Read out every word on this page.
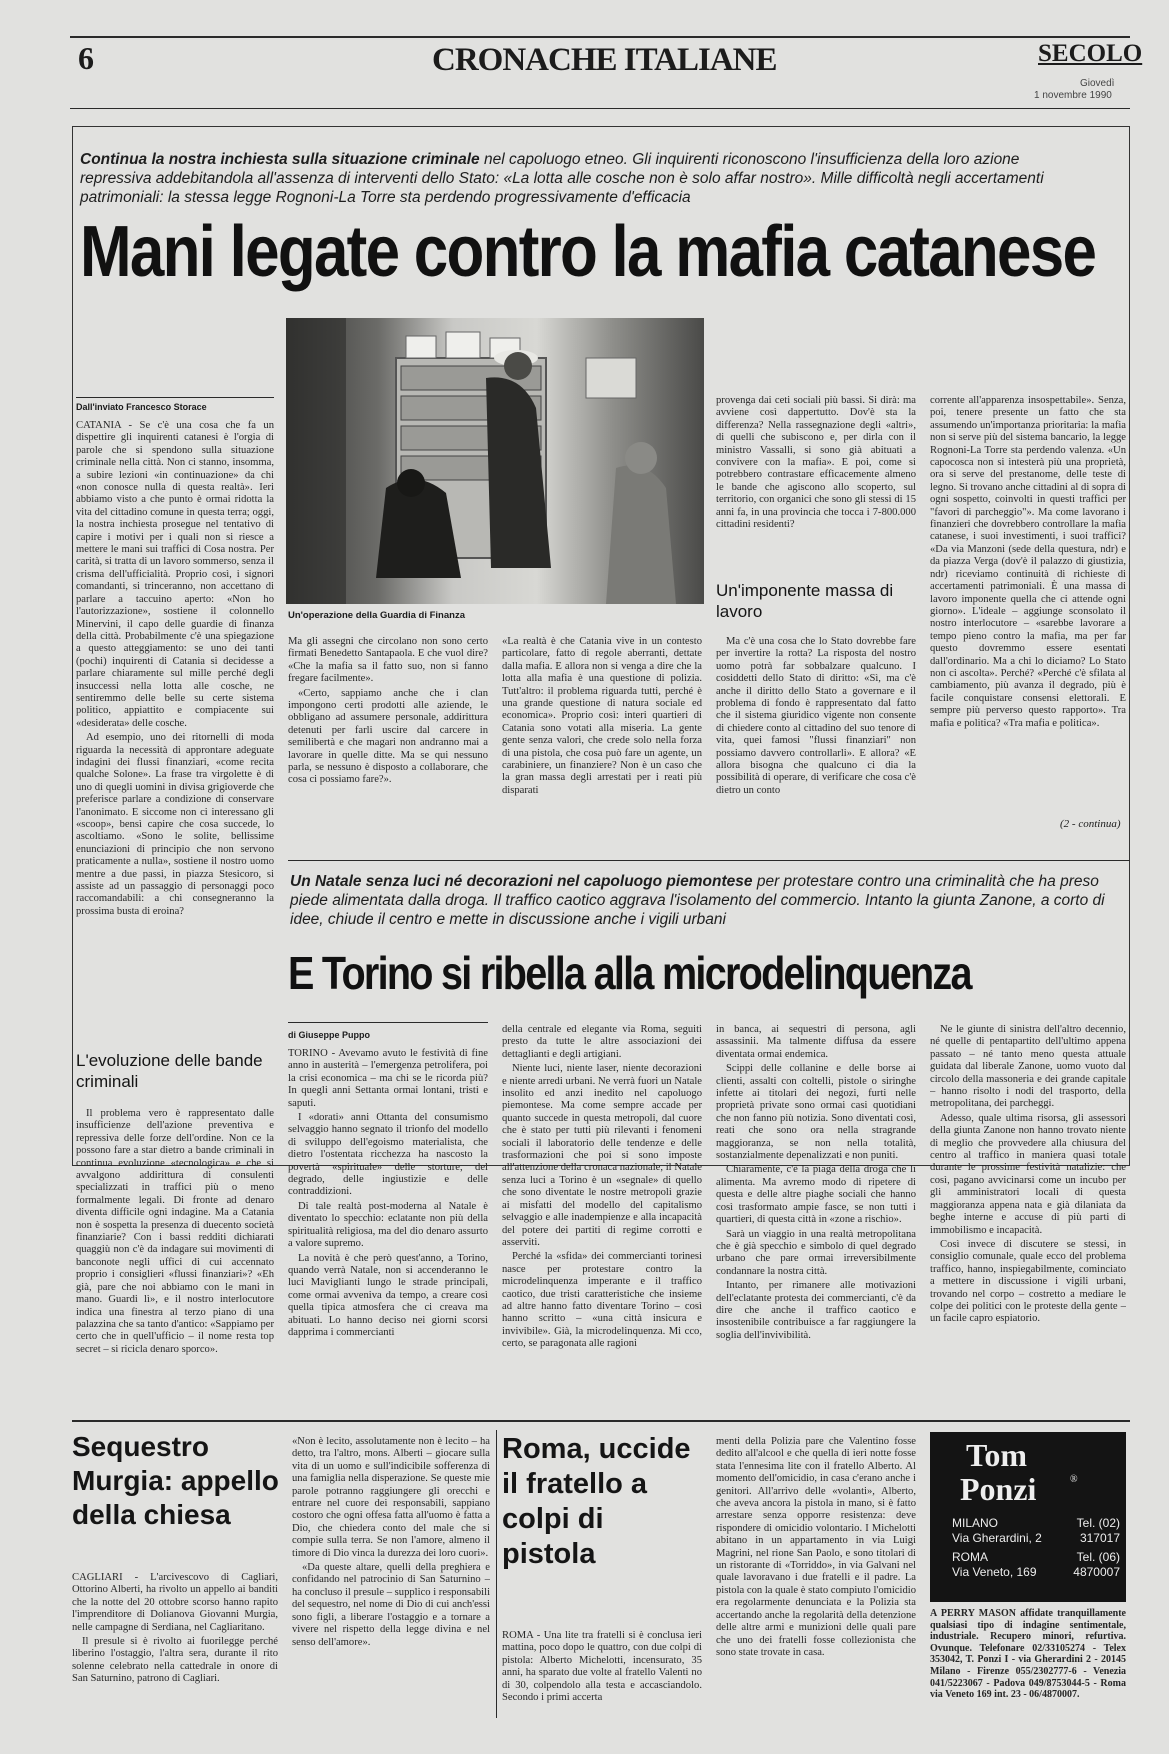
6	CRONACHE ITALIANE	SECOLO
Giovedì
1 novembre 1990
Continua la nostra inchiesta sulla situazione criminale nel capoluogo etneo. Gli inquirenti riconoscono l'insufficienza della loro azione repressiva addebitandola all'assenza di interventi dello Stato: «La lotta alle cosche non è solo affar nostro». Mille difficoltà negli accertamenti patrimoniali: la stessa legge Rognoni-La Torre sta perdendo progressivamente d'efficacia
Mani legate contro la mafia catanese
Un'operazione della Guardia di Finanza
Dall'inviato Francesco Storace

CATANIA - Se c'è una cosa che fa un dispettire gli inquirenti catanesi è l'orgia di parole che si spendono sulla situazione criminale nella città. Non ci stanno, insomma, a subire lezioni «in continuazione» da chi «non conosce nulla di questa realtà». Ieri abbiamo visto a che punto è ormai ridotta la vita del cittadino comune in questa terra; oggi, la nostra inchiesta prosegue nel tentativo di capire i motivi per i quali non si riesce a mettere le mani sui traffici di Cosa nostra. Per carità, si tratta di un lavoro sommerso, senza il crisma dell'ufficialità. Proprio così, i signori comandanti, si trinceranno, non accettano di parlare a taccuino aperto: «Non ho l'autorizzazione», sostiene il colonnello Minervini, il capo delle guardie di finanza della città. Probabilmente c'è una spiegazione a questo atteggiamento: se uno dei tanti (pochi) inquirenti di Catania si decidesse a parlare chiaramente sul mille perché degli insuccessi nella lotta alle cosche, ne sentiremmo delle belle su certe sistema politico, appiattito e compiacente sui «desiderata» delle cosche.

Ad esempio, uno dei ritornelli di moda riguarda la necessità di approntare adeguate indagini dei flussi finanziari, «come recita qualche Solone». La frase tra virgolette è di uno di quegli uomini in divisa grigioverde che preferisce parlare a condizione di conservare l'anonimato. E siccome non ci interessano gli «scoop», bensì capire che cosa succede, lo ascoltiamo. «Sono le solite, bellissime enunciazioni di principio che non servono praticamente a nulla», sostiene il nostro uomo mentre a due passi, in piazza Stesicoro, si assiste ad un passaggio di personaggi poco raccomandabili: a chi consegneranno la prossima busta di eroina?

Ma gli assegni che circolano non sono certo firmati Benedetto Santapaola. E che vuol dire? «Che la mafia sa il fatto suo, non si fanno fregare facilmente».

«Certo, sappiamo anche che i clan impongono certi prodotti alle aziende, le obbligano ad assumere personale, addirittura detenuti per farli uscire dal carcere in semilibertà e che magari non andranno mai a lavorare in quelle ditte. Ma se qui nessuno parla, se nessuno è disposto a collaborare, che cosa ci possiamo fare?».

«La realtà è che Catania vive in un contesto particolare, fatto di regole aberranti, dettate dalla mafia. E allora non si venga a dire che la lotta alla mafia è una questione di polizia. Tutt'altro: il problema riguarda tutti, perché è una grande questione di natura sociale ed economica». Proprio così: interi quartieri di Catania sono votati alla miseria. La gente gente senza valori, che crede solo nella forza di una pistola, che cosa può fare un agente, un carabiniere, un finanziere? Non è un caso che la gran massa degli arrestati per i reati più disparati

provenga dai ceti sociali più bassi. Si dirà: ma avviene così dappertutto. Dov'è sta la differenza? Nella rassegnazione degli «altri», di quelli che subiscono e, per dirla con il ministro Vassalli, si sono già abituati a convivere con la mafia». E poi, come si potrebbero contrastare efficacemente almeno le bande che agiscono allo scoperto, sul territorio, con organici che sono gli stessi di 15 anni fa, in una provincia che tocca i 7-800.000 cittadini residenti?

Un'imponente massa di lavoro

Ma c'è una cosa che lo Stato dovrebbe fare per invertire la rotta? La risposta del nostro uomo potrà far sobbalzare qualcuno. I cosiddetti dello Stato di diritto: «Sì, ma c'è anche il diritto dello Stato a governare e il problema di fondo è rappresentato dal fatto che il sistema giuridico vigente non consente di chiedere conto al cittadino del suo tenore di vita, quei famosi "flussi finanziari" non possiamo davvero controllarli». E allora? «E allora bisogna che qualcuno ci dia la possibilità di operare, di verificare che cosa c'è dietro un conto

corrente all'apparenza insospettabile». Senza, poi, tenere presente un fatto che sta assumendo un'importanza prioritaria: la mafia non si serve più del sistema bancario, la legge Rognoni-La Torre sta perdendo valenza. «Un capocosca non si intesterà più una proprietà, ora si serve del prestanome, delle teste di legno. Si trovano anche cittadini al di sopra di ogni sospetto, coinvolti in questi traffici per "favori di parcheggio"». Ma come lavorano i finanzieri che dovrebbero controllare la mafia catanese, i suoi investimenti, i suoi traffici? «Da via Manzoni (sede della questura, ndr) e da piazza Verga (dov'è il palazzo di giustizia, ndr) riceviamo continuità di richieste di accertamenti patrimoniali. È una massa di lavoro imponente quella che ci attende ogni giorno». L'ideale – aggiunge sconsolato il nostro interlocutore – «sarebbe lavorare a tempo pieno contro la mafia, ma per far questo dovremmo essere esentati dall'ordinario. Ma a chi lo diciamo? Lo Stato non ci ascolta». Perché? «Perché c'è sfilata al cambiamento, più avanza il degrado, più è facile conquistare consensi elettorali. E sempre più perverso questo rapporto». Tra mafia e politica? «Tra mafia e politica».

(2 - continua)
L'evoluzione delle bande criminali

Il problema vero è rappresentato dalle insufficienze dell'azione preventiva e repressiva delle forze dell'ordine. Non ce la possono fare a star dietro a bande criminali in continua evoluzione «tecnologica» e che si avvalgono addirittura di consulenti specializzati in traffici più o meno formalmente legali. Di fronte ad denaro diventa difficile ogni indagine. Ma a Catania non è sospetta la presenza di duecento società finanziarie? Con i bassi redditi dichiarati quaggiù non c'è da indagare sui movimenti di banconote negli uffici di cui accennato proprio i consiglieri «flussi finanziari»? «Eh già, pare che noi abbiamo con le mani in mano. Guardi lì», e il nostro interlocutore indica una finestra al terzo piano di una palazzina che sa tanto d'antico: «Sappiamo per certo che in quell'ufficio – il nome resta top secret – si ricicla denaro sporco».

Un Natale senza luci né decorazioni nel capoluogo piemontese per protestare contro una criminalità che ha preso piede alimentata dalla droga. Il traffico caotico aggrava l'isolamento del commercio. Intanto la giunta Zanone, a corto di idee, chiude il centro e mette in discussione anche i vigili urbani
E Torino si ribella alla microdelinquenza
di Giuseppe Puppo

TORINO - Avevamo avuto le festività di fine anno in austerità – l'emergenza petrolifera, poi la crisi economica – ma chi se le ricorda più? In quegli anni Settanta ormai lontani, tristi e saputi.

I «dorati» anni Ottanta del consumismo selvaggio hanno segnato il trionfo del modello di sviluppo dell'egoismo materialista, che dietro l'ostentata ricchezza ha nascosto la povertà «spirituale» delle storture, del degrado, delle ingiustizie e delle contraddizioni.

Di tale realtà post-moderna al Natale è diventato lo specchio: eclatante non più della spiritualità religiosa, ma del dio denaro assurto a valore supremo.

La novità è che però quest'anno, a Torino, quando verrà Natale, non si accenderanno le luci Maviglianti lungo le strade principali, come ormai avveniva da tempo, a creare così quella tipica atmosfera che ci creava ma abituati. Lo hanno deciso nei giorni scorsi dapprima i commercianti

della centrale ed elegante via Roma, seguiti presto da tutte le altre associazioni dei dettaglianti e degli artigiani.

Niente luci, niente laser, niente decorazioni e niente arredi urbani. Ne verrà fuori un Natale insolito ed anzi inedito nel capoluogo piemontese. Ma come sempre accade per quanto succede in questa metropoli, dal cuore che è stato per tutti più rilevanti i fenomeni sociali il laboratorio delle tendenze e delle trasformazioni che poi si sono imposte all'attenzione della cronaca nazionale, il Natale senza luci a Torino è un «segnale» di quello che sono diventate le nostre metropoli grazie ai misfatti del modello del capitalismo selvaggio e alle inadempienze e alla incapacità del potere dei partiti di regime corrotti e asserviti.

Perché la «sfida» dei commercianti torinesi nasce per protestare contro la microdelinquenza imperante e il traffico caotico, due tristi caratteristiche che insieme ad altre hanno fatto diventare Torino – così hanno scritto – «una città insicura e invivibile». Già, la microdelinquenza. Mi cco, certo, se paragonata alle ragioni

in banca, ai sequestri di persona, agli assassinii. Ma talmente diffusa da essere diventata ormai endemica.

Scippi delle collanine e delle borse ai clienti, assalti con coltelli, pistole o siringhe infette ai titolari dei negozi, furti nelle proprietà private sono ormai casi quotidiani che non fanno più notizia. Sono diventati così, reati che sono ora nella stragrande maggioranza, se non nella totalità, sostanzialmente depenalizzati e non puniti.

Chiaramente, c'è la piaga della droga che li alimenta. Ma avremo modo di ripetere di questa e delle altre piaghe sociali che hanno così trasformato ampie fasce, se non tutti i quartieri, di questa città in «zone a rischio».

Sarà un viaggio in una realtà metropolitana che è già specchio e simbolo di quel degrado urbano che pare ormai irreversibilmente condannare la nostra città.

Intanto, per rimanere alle motivazioni dell'eclatante protesta dei commercianti, c'è da dire che anche il traffico caotico e insostenibile contribuisce a far raggiungere la soglia dell'invivibilità.

Ne le giunte di sinistra dell'altro decennio, né quelle di pentapartito dell'ultimo appena passato – né tanto meno questa attuale guidata dal liberale Zanone, uomo vuoto dal circolo della massoneria e dei grande capitale – hanno risolto i nodi del trasporto, della metropolitana, dei parcheggi.

Adesso, quale ultima risorsa, gli assessori della giunta Zanone non hanno trovato niente di meglio che provvedere alla chiusura del centro al traffico in maniera quasi totale durante le prossime festività natalizie: che così, pagano avvicinarsi come un incubo per gli amministratori locali di questa maggioranza appena nata e già dilaniata da beghe interne e accuse di più parti di immobilismo e incapacità.

Così invece di discutere se stessi, in consiglio comunale, quale ecco del problema traffico, hanno, inspiegabilmente, cominciato a mettere in discussione i vigili urbani, trovando nel corpo – costretto a mediare le colpe dei politici con le proteste della gente – un facile capro espiatorio.

Sequestro Murgia: appello della chiesa

CAGLIARI - L'arcivescovo di Cagliari, Ottorino Alberti, ha rivolto un appello ai banditi che la notte del 20 ottobre scorso hanno rapito l'imprenditore di Dolianova Giovanni Murgia, nelle campagne di Serdiana, nel Cagliaritano.

Il presule si è rivolto ai fuorilegge perché liberino l'ostaggio, l'altra sera, durante il rito solenne celebrato nella cattedrale in onore di San Saturnino, patrono di Cagliari.

«Non è lecito, assolutamente non è lecito – ha detto, tra l'altro, mons. Alberti – giocare sulla vita di un uomo e sull'indicibile sofferenza di una famiglia nella disperazione. Se queste mie parole potranno raggiungere gli orecchi e entrare nel cuore dei responsabili, sappiano costoro che ogni offesa fatta all'uomo è fatta a Dio, che chiedera conto del male che si compie sulla terra. Se non l'amore, almeno il timore di Dio vinca la durezza dei loro cuori».

«Da queste altare, quelli della preghiera e confidando nel patrocinio di San Saturnino – ha concluso il presule – supplico i responsabili del sequestro, nel nome di Dio di cui anch'essi sono figli, a liberare l'ostaggio e a tornare a vivere nel rispetto della legge divina e nel senso dell'amore».

Roma, uccide il fratello a colpi di pistola

ROMA - Una lite tra fratelli si è conclusa ieri mattina, poco dopo le quattro, con due colpi di pistola: Alberto Michelotti, incensurato, 35 anni, ha sparato due volte al fratello Valenti no di 30, colpendolo alla testa e accasciandolo. Secondo i primi accerta

menti della Polizia pare che Valentino fosse dedito all'alcool e che quella di ieri notte fosse stata l'ennesima lite con il fratello Alberto. Al momento dell'omicidio, in casa c'erano anche i genitori. All'arrivo delle «volanti», Alberto, che aveva ancora la pistola in mano, si è fatto arrestare senza opporre resistenza: deve rispondere di omicidio volontario. I Michelotti abitano in un appartamento in via Luigi Magrini, nel rione San Paolo, e sono titolari di un ristorante di «Torriddo», in via Galvani nel quale lavoravano i due fratelli e il padre. La pistola con la quale è stato compiuto l'omicidio era regolarmente denunciata e la Polizia sta accertando anche la regolarità della detenzione delle altre armi e munizioni delle quali pare che uno dei fratelli fosse collezionista che sono state trovate in casa.

Tom
Ponzi	®
MILANO	Tel. (02)
Via Gherardini, 2	317017
ROMA	Tel. (06)
Via Veneto, 169	4870007

A PERRY MASON affidate tranquillamente qualsiasi tipo di indagine sentimentale, industriale. Recupero minori, refurtiva. Ovunque. Telefonare 02/33105274 - Telex 353042, T. Ponzi I - via Gherardini 2 - 20145 Milano - Firenze 055/2302777-6 - Venezia 041/5223067 - Padova 049/8753044-5 - Roma via Veneto 169 int. 23 - 06/4870007.
